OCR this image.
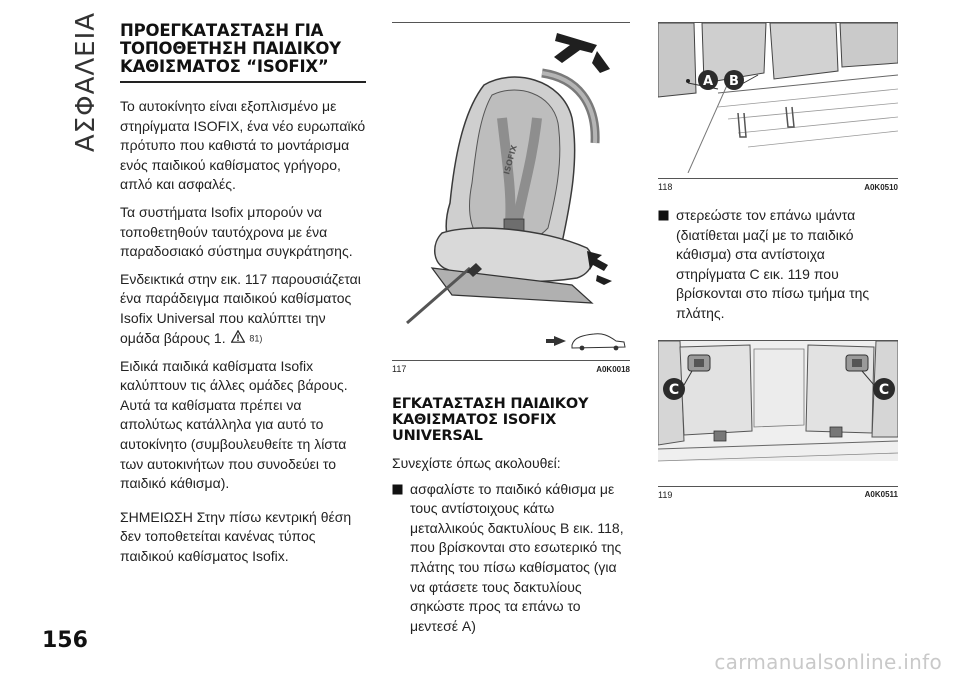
ΑΣΦΑΛΕΙΑ ΠΡΟΕΓΚΑΤΑΣΤΑΣΗ ΓΙΑ
ΤΟΠΟΘΕΤΗΣΗ ΠΑΙΔΙΚΟΥ
ΚΑΘΙΣΜΑΤΟΣ “ISOFIX”

Το αυτοκίνητο είναι εξοπλισμένο με στηρίγματα ISOFIX, ένα νέο ευρωπαϊκό πρότυπο που καθιστά το μοντάρισμα ενός παιδικού καθίσματος γρήγορο, απλό και ασφαλές.

Τα συστήματα Isofix μπορούν να τοποθετηθούν ταυτόχρονα με ένα παραδοσιακό σύστημα συγκράτησης.

Ενδεικτικά στην εικ. 117 παρουσιάζεται ένα παράδειγμα παιδικού καθίσματος Isofix Universal που καλύπτει την ομάδα βάρους 1.	81)

Ειδικά παιδικά καθίσματα Isofix καλύπτουν τις άλλες ομάδες βάρους. Αυτά τα καθίσματα πρέπει να απολύτως κατάλληλα για αυτό το αυτοκίνητο (συμβουλευθείτε τη λίστα των αυτοκινήτων που συνοδεύει το παιδικό κάθισμα).

ΣΗΜΕΙΩΣΗ Στην πίσω κεντρική θέση δεν τοποθετείται κανένας τύπος παιδικού καθίσματος Isofix.

ISOFIX
117	A0K0018
ΕΓΚΑΤΑΣΤΑΣΗ ΠΑΙΔΙΚΟΥ
ΚΑΘΙΣΜΑΤΟΣ ISOFIX
UNIVERSAL

Συνεχίστε όπως ακολουθεί:

ασφαλίστε το παιδικό κάθισμα με τους αντίστοιχους κάτω μεταλλικούς δακτυλίους B εικ. 118, που βρίσκονται στο εσωτερικό της πλάτης του πίσω καθίσματος (για να φτάσετε τους δακτυλίους σηκώστε προς τα επάνω το μεντεσέ A)
A B
118	A0K0510
στερεώστε τον επάνω ιμάντα (διατίθεται μαζί με το παιδικό κάθισμα) στα αντίστοιχα στηρίγματα C εικ. 119 που βρίσκονται στο πίσω τμήμα της πλάτης.
C	C
119	A0K0511
156
carmanualsonline.info
